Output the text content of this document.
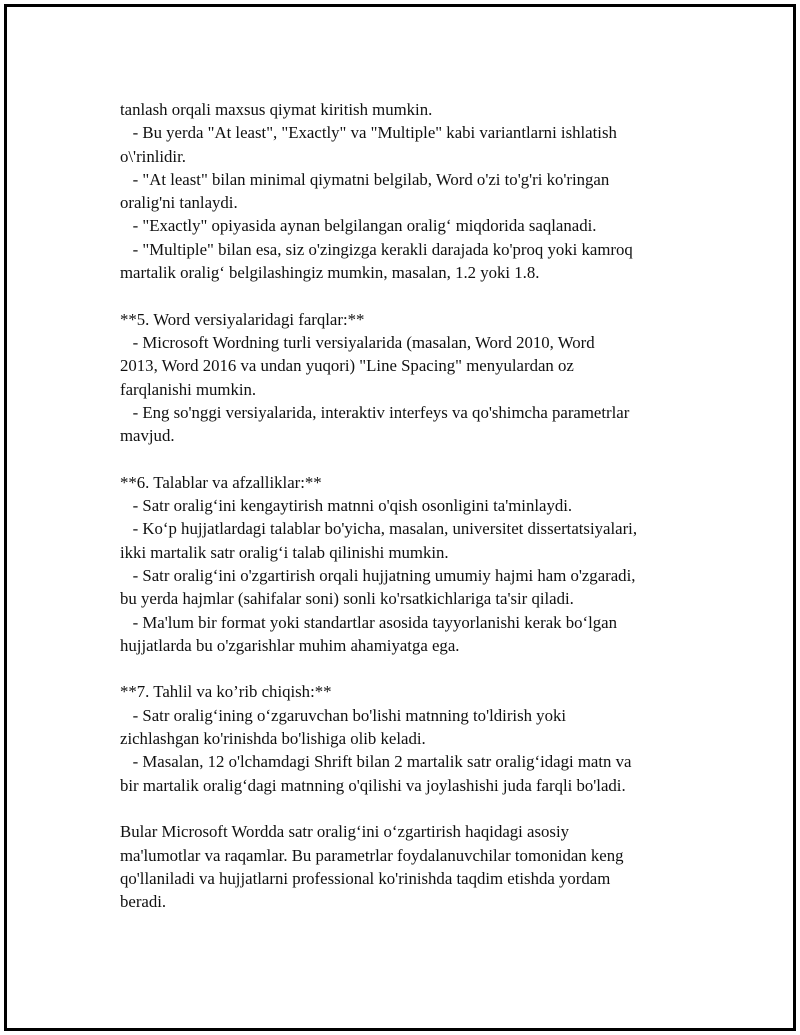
tanlash orqali maxsus qiymat kiritish mumkin.
- Bu yerda "At least", "Exactly" va "Multiple" kabi variantlarni ishlatish
o\'rinlidir.
- "At least" bilan minimal qiymatni belgilab, Word o'zi to'g'ri ko'ringan
oralig'ni tanlaydi.
- "Exactly" opiyasida aynan belgilangan oralig‘ miqdorida saqlanadi.
- "Multiple" bilan esa, siz o'zingizga kerakli darajada ko'proq yoki kamroq
martalik oralig‘ belgilashingiz mumkin, masalan, 1.2 yoki 1.8.

**5. Word versiyalaridagi farqlar:**
- Microsoft Wordning turli versiyalarida (masalan, Word 2010, Word
2013, Word 2016 va undan yuqori) "Line Spacing" menyulardan oz
farqlanishi mumkin.
- Eng so'nggi versiyalarida, interaktiv interfeys va qo'shimcha parametrlar
mavjud.

**6. Talablar va afzalliklar:**
- Satr oralig‘ini kengaytirish matnni o'qish osonligini ta'minlaydi.
- Ko‘p hujjatlardagi talablar bo'yicha, masalan, universitet dissertatsiyalari,
ikki martalik satr oralig‘i talab qilinishi mumkin.
- Satr oralig‘ini o'zgartirish orqali hujjatning umumiy hajmi ham o'zgaradi,
bu yerda hajmlar (sahifalar soni) sonli ko'rsatkichlariga ta'sir qiladi.
- Ma'lum bir format yoki standartlar asosida tayyorlanishi kerak bo‘lgan
hujjatlarda bu o'zgarishlar muhim ahamiyatga ega.

**7. Tahlil va ko’rib chiqish:**
- Satr oralig‘ining o‘zgaruvchan bo'lishi matnning to'ldirish yoki
zichlashgan ko'rinishda bo'lishiga olib keladi.
- Masalan, 12 o'lchamdagi Shrift bilan 2 martalik satr oralig‘idagi matn va
bir martalik oralig‘dagi matnning o'qilishi va joylashishi juda farqli bo'ladi.

Bular Microsoft Wordda satr oralig‘ini o‘zgartirish haqidagi asosiy
ma'lumotlar va raqamlar. Bu parametrlar foydalanuvchilar tomonidan keng
qo'llaniladi va hujjatlarni professional ko'rinishda taqdim etishda yordam
beradi.
